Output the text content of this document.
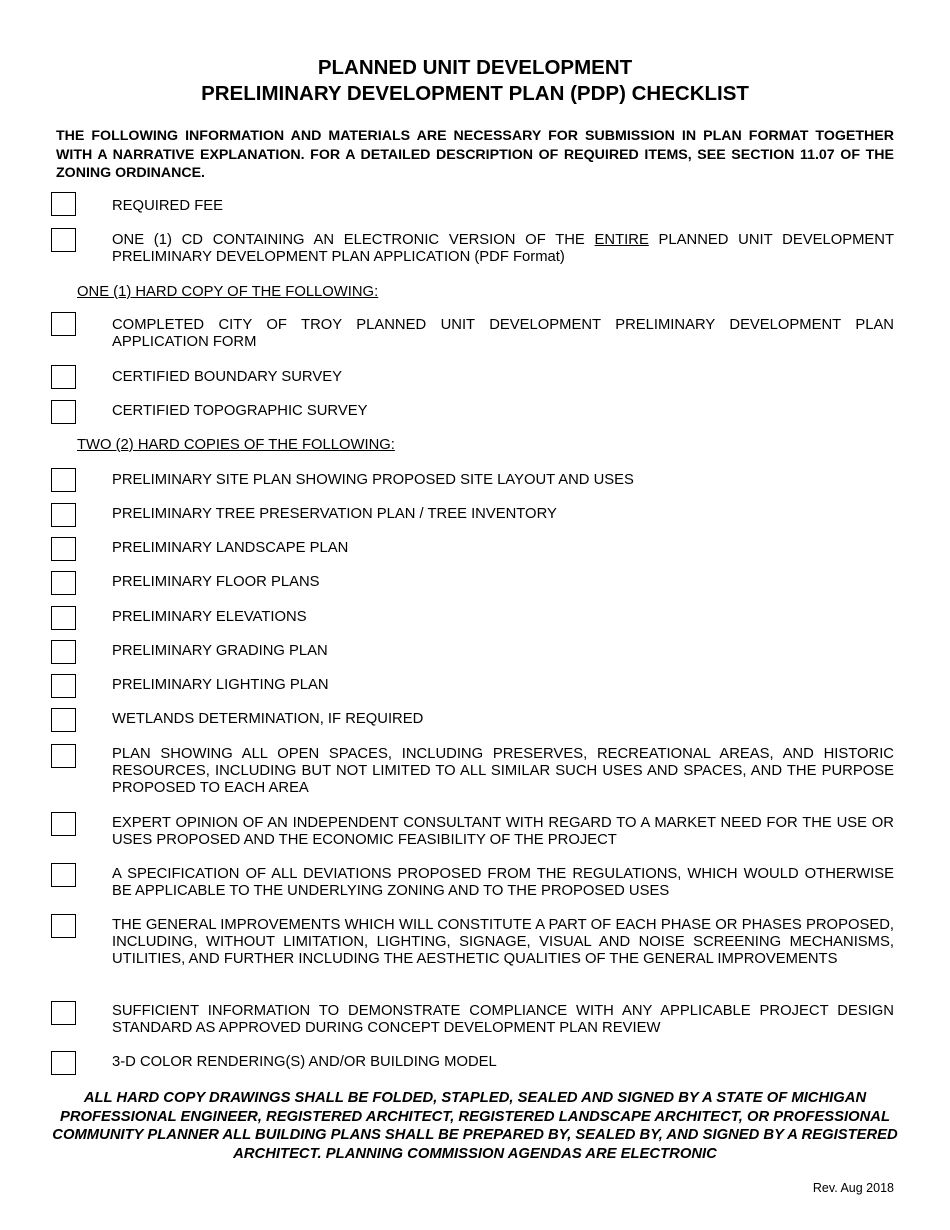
PLANNED UNIT DEVELOPMENT
PRELIMINARY DEVELOPMENT PLAN (PDP) CHECKLIST
THE FOLLOWING INFORMATION AND MATERIALS ARE NECESSARY FOR SUBMISSION IN PLAN FORMAT TOGETHER WITH A NARRATIVE EXPLANATION. FOR A DETAILED DESCRIPTION OF REQUIRED ITEMS, SEE SECTION 11.07 OF THE ZONING ORDINANCE.
REQUIRED FEE
ONE (1) CD CONTAINING AN ELECTRONIC VERSION OF THE ENTIRE PLANNED UNIT DEVELOPMENT PRELIMINARY DEVELOPMENT PLAN APPLICATION (PDF Format)
ONE (1) HARD COPY OF THE FOLLOWING:
COMPLETED CITY OF TROY PLANNED UNIT DEVELOPMENT PRELIMINARY DEVELOPMENT PLAN APPLICATION FORM
CERTIFIED BOUNDARY SURVEY
CERTIFIED TOPOGRAPHIC SURVEY
TWO (2) HARD COPIES OF THE FOLLOWING:
PRELIMINARY SITE PLAN SHOWING PROPOSED SITE LAYOUT AND USES
PRELIMINARY TREE PRESERVATION PLAN / TREE INVENTORY
PRELIMINARY LANDSCAPE PLAN
PRELIMINARY FLOOR PLANS
PRELIMINARY ELEVATIONS
PRELIMINARY GRADING PLAN
PRELIMINARY LIGHTING PLAN
WETLANDS DETERMINATION, IF REQUIRED
PLAN SHOWING ALL OPEN SPACES, INCLUDING PRESERVES, RECREATIONAL AREAS, AND HISTORIC RESOURCES, INCLUDING BUT NOT LIMITED TO ALL SIMILAR SUCH USES AND SPACES, AND THE PURPOSE PROPOSED TO EACH AREA
EXPERT OPINION OF AN INDEPENDENT CONSULTANT WITH REGARD TO A MARKET NEED FOR THE USE OR USES PROPOSED AND THE ECONOMIC FEASIBILITY OF THE PROJECT
A SPECIFICATION OF ALL DEVIATIONS PROPOSED FROM THE REGULATIONS, WHICH WOULD OTHERWISE BE APPLICABLE TO THE UNDERLYING ZONING AND TO THE PROPOSED USES
THE GENERAL IMPROVEMENTS WHICH WILL CONSTITUTE A PART OF EACH PHASE OR PHASES PROPOSED, INCLUDING, WITHOUT LIMITATION, LIGHTING, SIGNAGE, VISUAL AND NOISE SCREENING MECHANISMS, UTILITIES, AND FURTHER INCLUDING THE AESTHETIC QUALITIES OF THE GENERAL IMPROVEMENTS
SUFFICIENT INFORMATION TO DEMONSTRATE COMPLIANCE WITH ANY APPLICABLE PROJECT DESIGN STANDARD AS APPROVED DURING CONCEPT DEVELOPMENT PLAN REVIEW
3-D COLOR RENDERING(S) AND/OR BUILDING MODEL
ALL HARD COPY DRAWINGS SHALL BE FOLDED, STAPLED, SEALED AND SIGNED BY A STATE OF MICHIGAN PROFESSIONAL ENGINEER, REGISTERED ARCHITECT, REGISTERED LANDSCAPE ARCHITECT, OR PROFESSIONAL COMMUNITY PLANNER ALL BUILDING PLANS SHALL BE PREPARED BY, SEALED BY, AND SIGNED BY A REGISTERED ARCHITECT. PLANNING COMMISSION AGENDAS ARE ELECTRONIC
Rev. Aug 2018
